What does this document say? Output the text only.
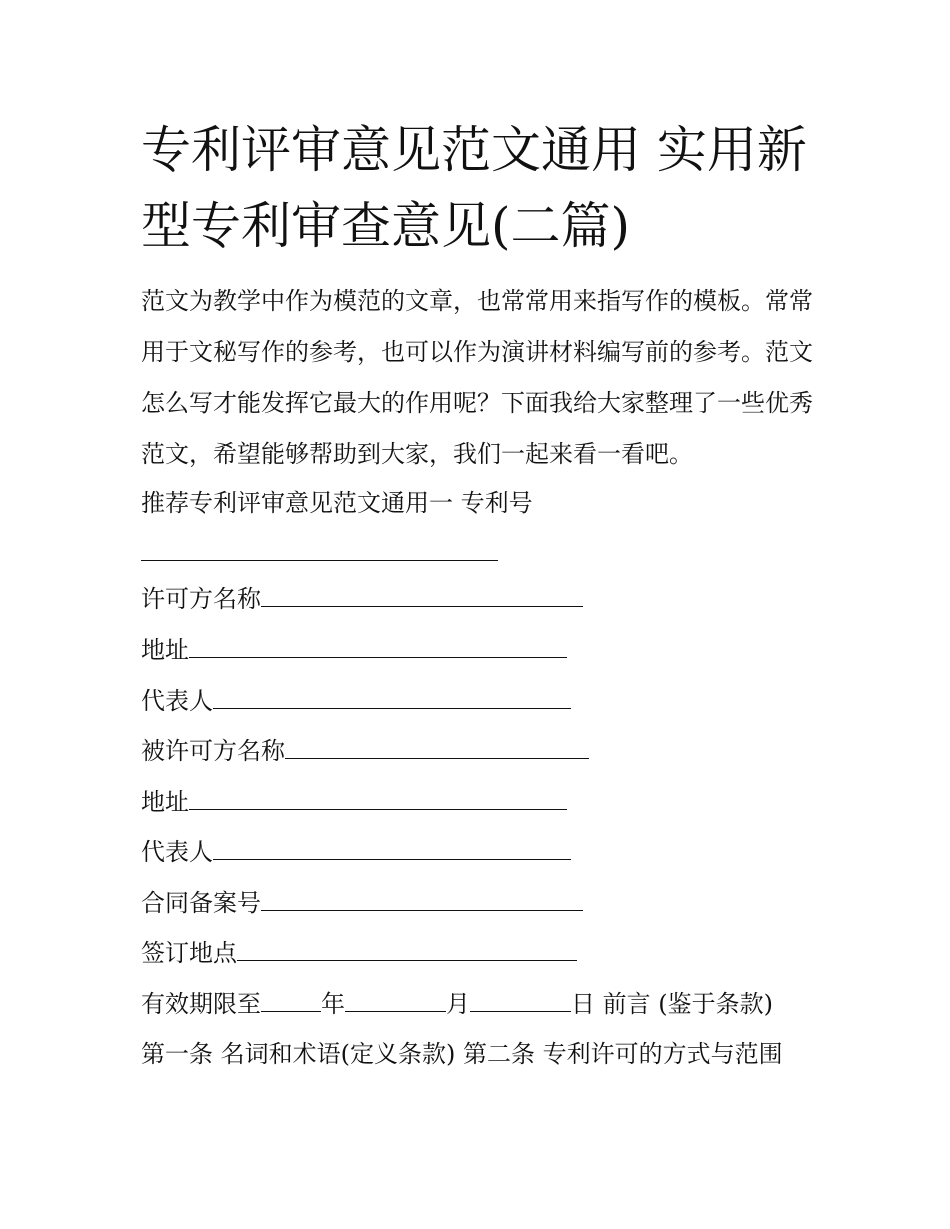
专利评审意见范文通用 实用新型专利审查意见(二篇)

范文为教学中作为模范的文章，也常常用来指写作的模板。常常用于文秘写作的参考，也可以作为演讲材料编写前的参考。范文怎么写才能发挥它最大的作用呢？下面我给大家整理了一些优秀范文，希望能够帮助到大家，我们一起来看一看吧。

推荐专利评审意见范文通用一 专利号
许可方名称
地址
代表人
被许可方名称
地址
代表人
合同备案号
签订地点
有效期限至	年	月	日 前言 (鉴于条款)
第一条 名词和术语(定义条款) 第二条 专利许可的方式与范围
